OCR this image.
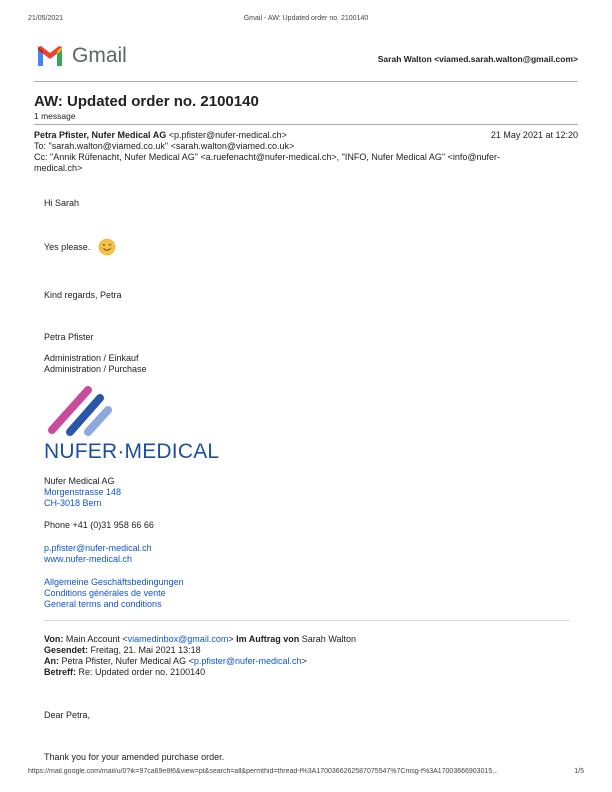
21/05/2021	Gmail - AW: Updated order no. 2100140
Gmail	Sarah Walton <viamed.sarah.walton@gmail.com>
AW: Updated order no. 2100140
1 message
Petra Pfister, Nufer Medical AG <p.pfister@nufer-medical.ch>	21 May 2021 at 12:20
To: "sarah.walton@viamed.co.uk" <sarah.walton@viamed.co.uk>
Cc: "Annik Rüfenacht, Nufer Medical AG" <a.ruefenacht@nufer-medical.ch>, "INFO, Nufer Medical AG" <info@nufer-
medical.ch>
Hi Sarah
Yes please.
Kind regards, Petra
Petra Pfister
Administration / Einkauf
Administration / Purchase
NUFER·MEDICAL
Nufer Medical AG
Morgenstrasse 148
CH-3018 Bern
Phone +41 (0)31 958 66 66
p.pfister@nufer-medical.ch
www.nufer-medical.ch
Allgemeine Geschäftsbedingungen
Conditions générales de vente
General terms and conditions
Von: Main Account <viamedinbox@gmail.com> Im Auftrag von Sarah Walton
Gesendet: Freitag, 21. Mai 2021 13:18
An: Petra Pfister, Nufer Medical AG <p.pfister@nufer-medical.ch>
Betreff: Re: Updated order no. 2100140
Dear Petra,
Thank you for your amended purchase order.
https://mail.google.com/mail/u/0?ik=97ca69e8f6&view=pt&search=all&permthid=thread-f%3A1700366262587075547%7Cmsg-f%3A17003666903015...	1/5
